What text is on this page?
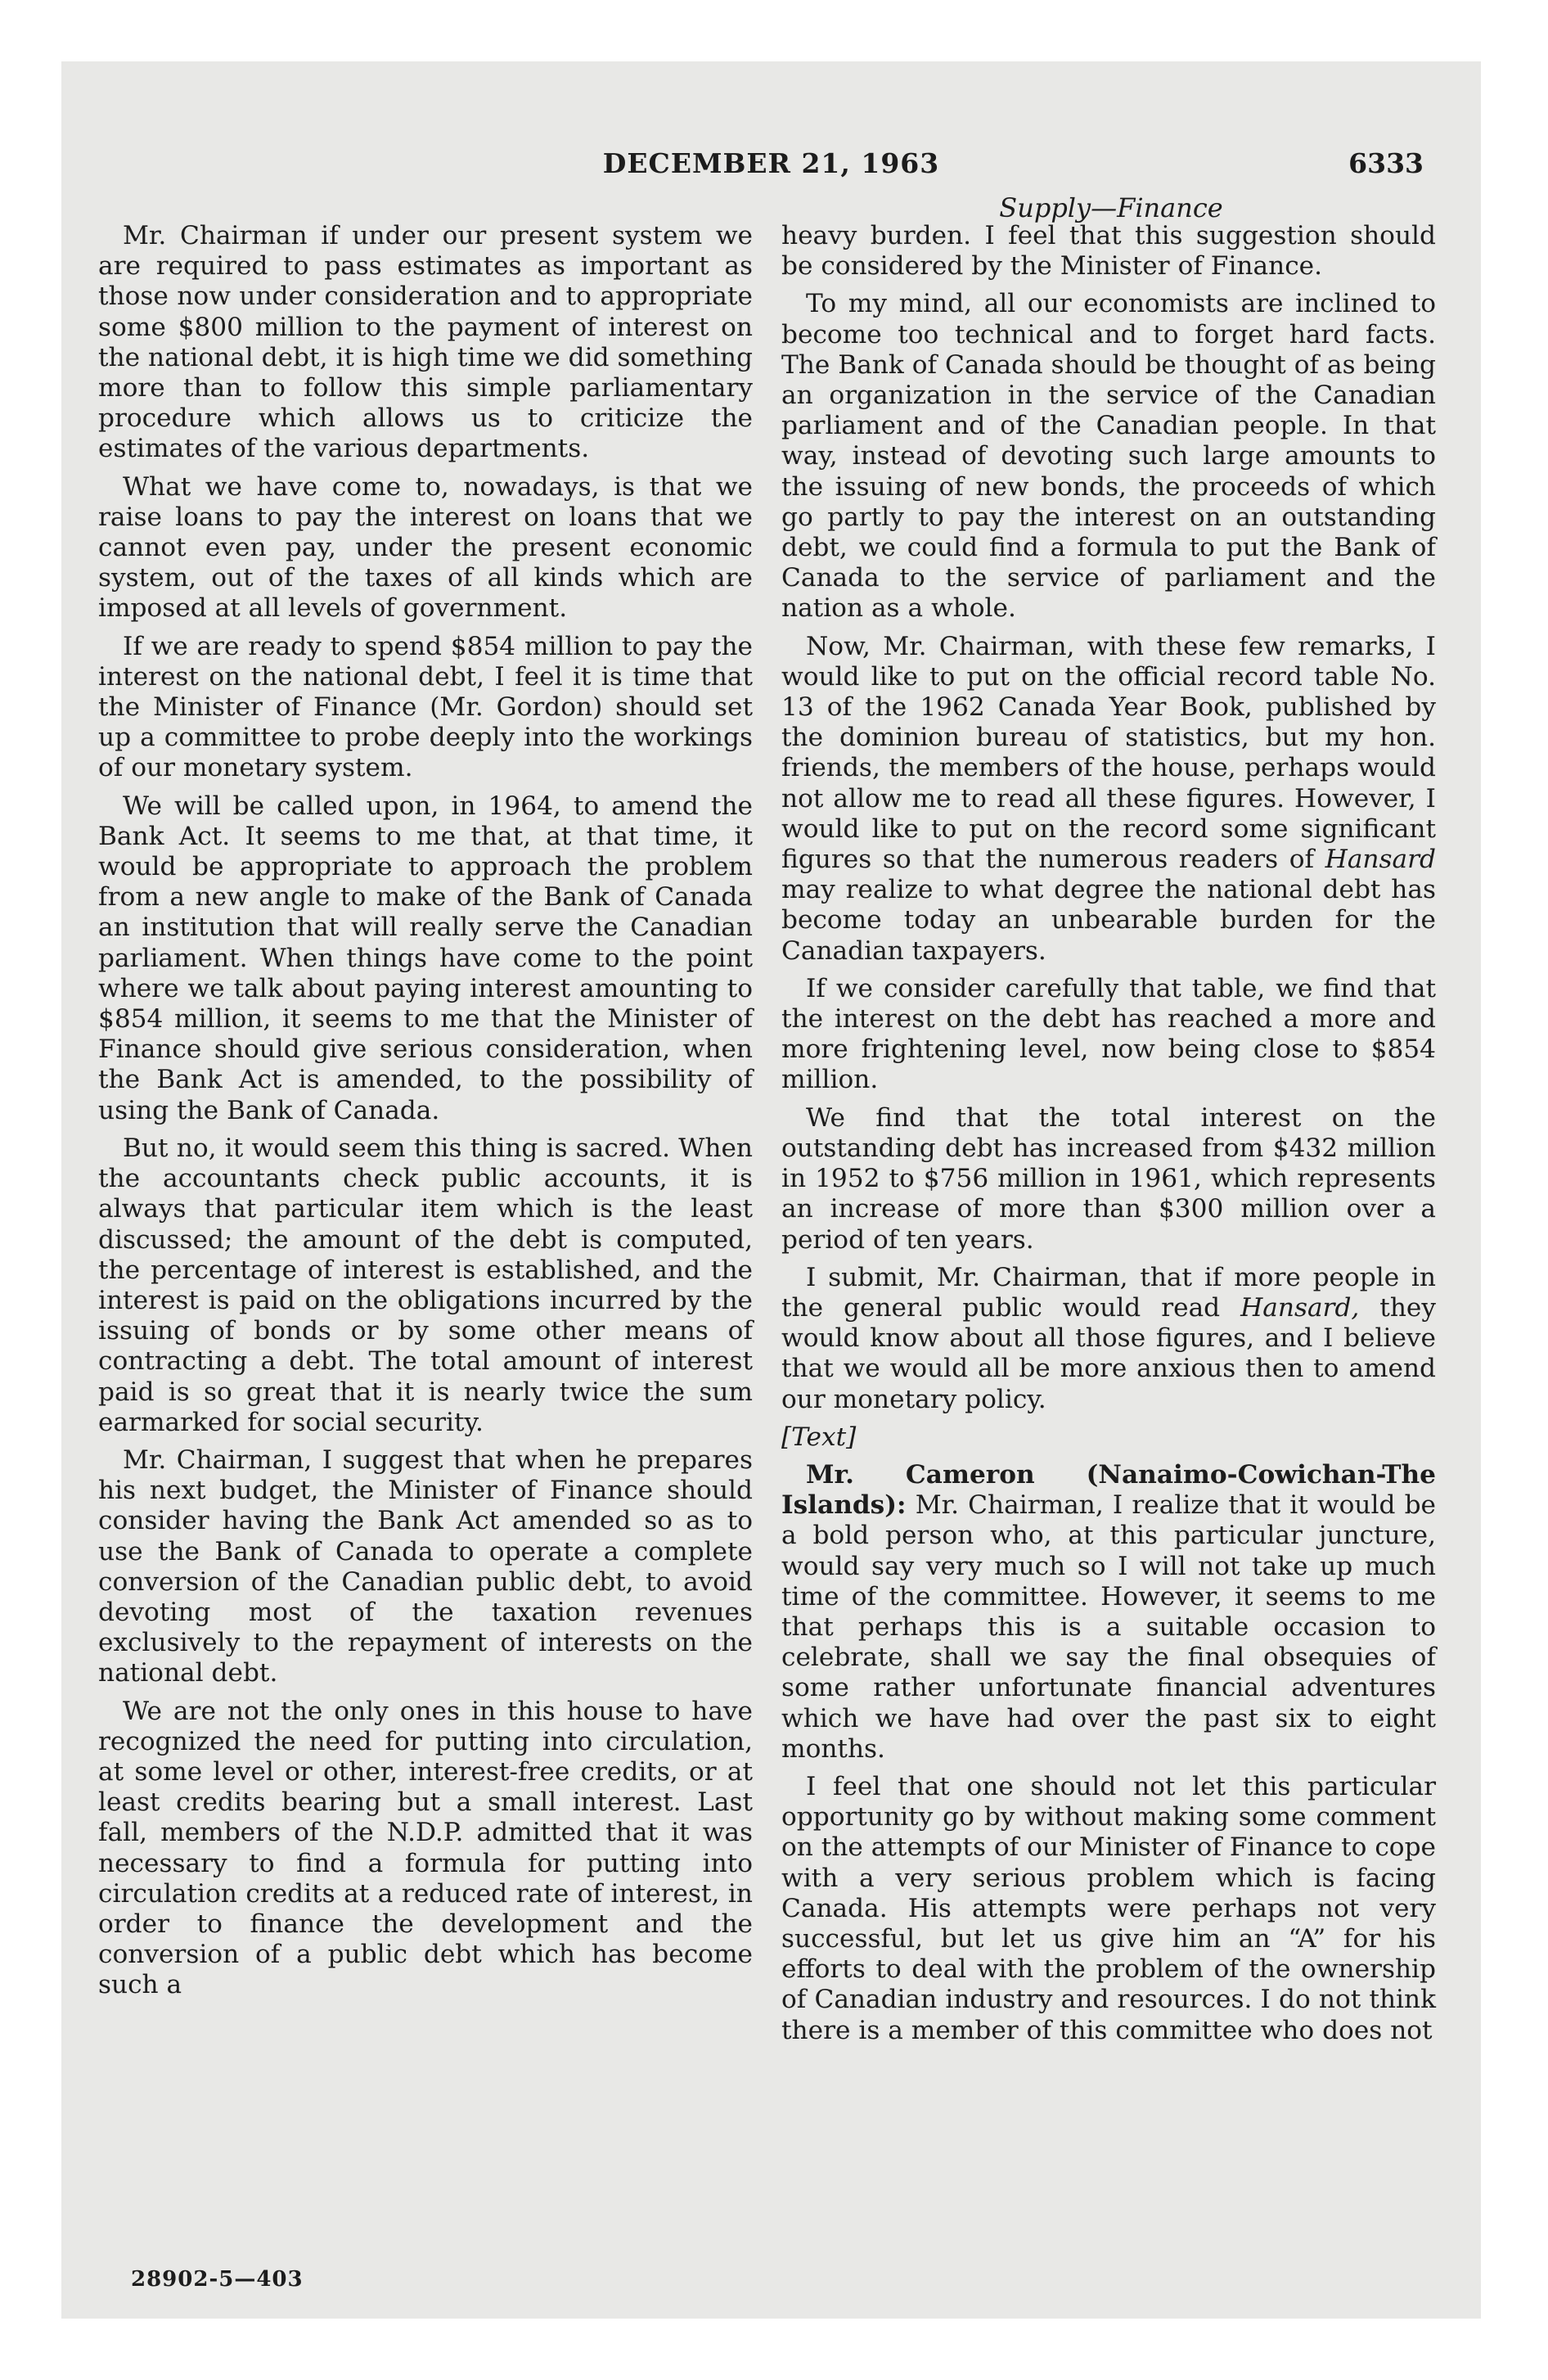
DECEMBER 21, 1963	6333
Supply—Finance

Mr. Chairman if under our present system we are required to pass estimates as important as those now under consideration and to appropriate some $800 million to the payment of interest on the national debt, it is high time we did something more than to follow this simple parliamentary procedure which allows us to criticize the estimates of the various departments.

What we have come to, nowadays, is that we raise loans to pay the interest on loans that we cannot even pay, under the present economic system, out of the taxes of all kinds which are imposed at all levels of government.

If we are ready to spend $854 million to pay the interest on the national debt, I feel it is time that the Minister of Finance (Mr. Gordon) should set up a committee to probe deeply into the workings of our monetary system.

We will be called upon, in 1964, to amend the Bank Act. It seems to me that, at that time, it would be appropriate to approach the problem from a new angle to make of the Bank of Canada an institution that will really serve the Canadian parliament. When things have come to the point where we talk about paying interest amounting to $854 million, it seems to me that the Minister of Finance should give serious consideration, when the Bank Act is amended, to the possibility of using the Bank of Canada.

But no, it would seem this thing is sacred. When the accountants check public accounts, it is always that particular item which is the least discussed; the amount of the debt is computed, the percentage of interest is established, and the interest is paid on the obligations incurred by the issuing of bonds or by some other means of contracting a debt. The total amount of interest paid is so great that it is nearly twice the sum earmarked for social security.

Mr. Chairman, I suggest that when he prepares his next budget, the Minister of Finance should consider having the Bank Act amended so as to use the Bank of Canada to operate a complete conversion of the Canadian public debt, to avoid devoting most of the taxation revenues exclusively to the repayment of interests on the national debt.

We are not the only ones in this house to have recognized the need for putting into circulation, at some level or other, interest-free credits, or at least credits bearing but a small interest. Last fall, members of the N.D.P. admitted that it was necessary to find a formula for putting into circulation credits at a reduced rate of interest, in order to finance the development and the conversion of a public debt which has become such a

heavy burden. I feel that this suggestion should be considered by the Minister of Finance.

To my mind, all our economists are inclined to become too technical and to forget hard facts. The Bank of Canada should be thought of as being an organization in the service of the Canadian parliament and of the Canadian people. In that way, instead of devoting such large amounts to the issuing of new bonds, the proceeds of which go partly to pay the interest on an outstanding debt, we could find a formula to put the Bank of Canada to the service of parliament and the nation as a whole.

Now, Mr. Chairman, with these few remarks, I would like to put on the official record table No. 13 of the 1962 Canada Year Book, published by the dominion bureau of statistics, but my hon. friends, the members of the house, perhaps would not allow me to read all these figures. However, I would like to put on the record some significant figures so that the numerous readers of Hansard may realize to what degree the national debt has become today an unbearable burden for the Canadian taxpayers.

If we consider carefully that table, we find that the interest on the debt has reached a more and more frightening level, now being close to $854 million.

We find that the total interest on the outstanding debt has increased from $432 million in 1952 to $756 million in 1961, which represents an increase of more than $300 million over a period of ten years.

I submit, Mr. Chairman, that if more people in the general public would read Hansard, they would know about all those figures, and I believe that we would all be more anxious then to amend our monetary policy.

[Text]

Mr. Cameron (Nanaimo-Cowichan-The Islands): Mr. Chairman, I realize that it would be a bold person who, at this particular juncture, would say very much so I will not take up much time of the committee. However, it seems to me that perhaps this is a suitable occasion to celebrate, shall we say the final obsequies of some rather unfortunate financial adventures which we have had over the past six to eight months.

I feel that one should not let this particular opportunity go by without making some comment on the attempts of our Minister of Finance to cope with a very serious problem which is facing Canada. His attempts were perhaps not very successful, but let us give him an “A” for his efforts to deal with the problem of the ownership of Canadian industry and resources. I do not think there is a member of this committee who does not

28902-5—403
